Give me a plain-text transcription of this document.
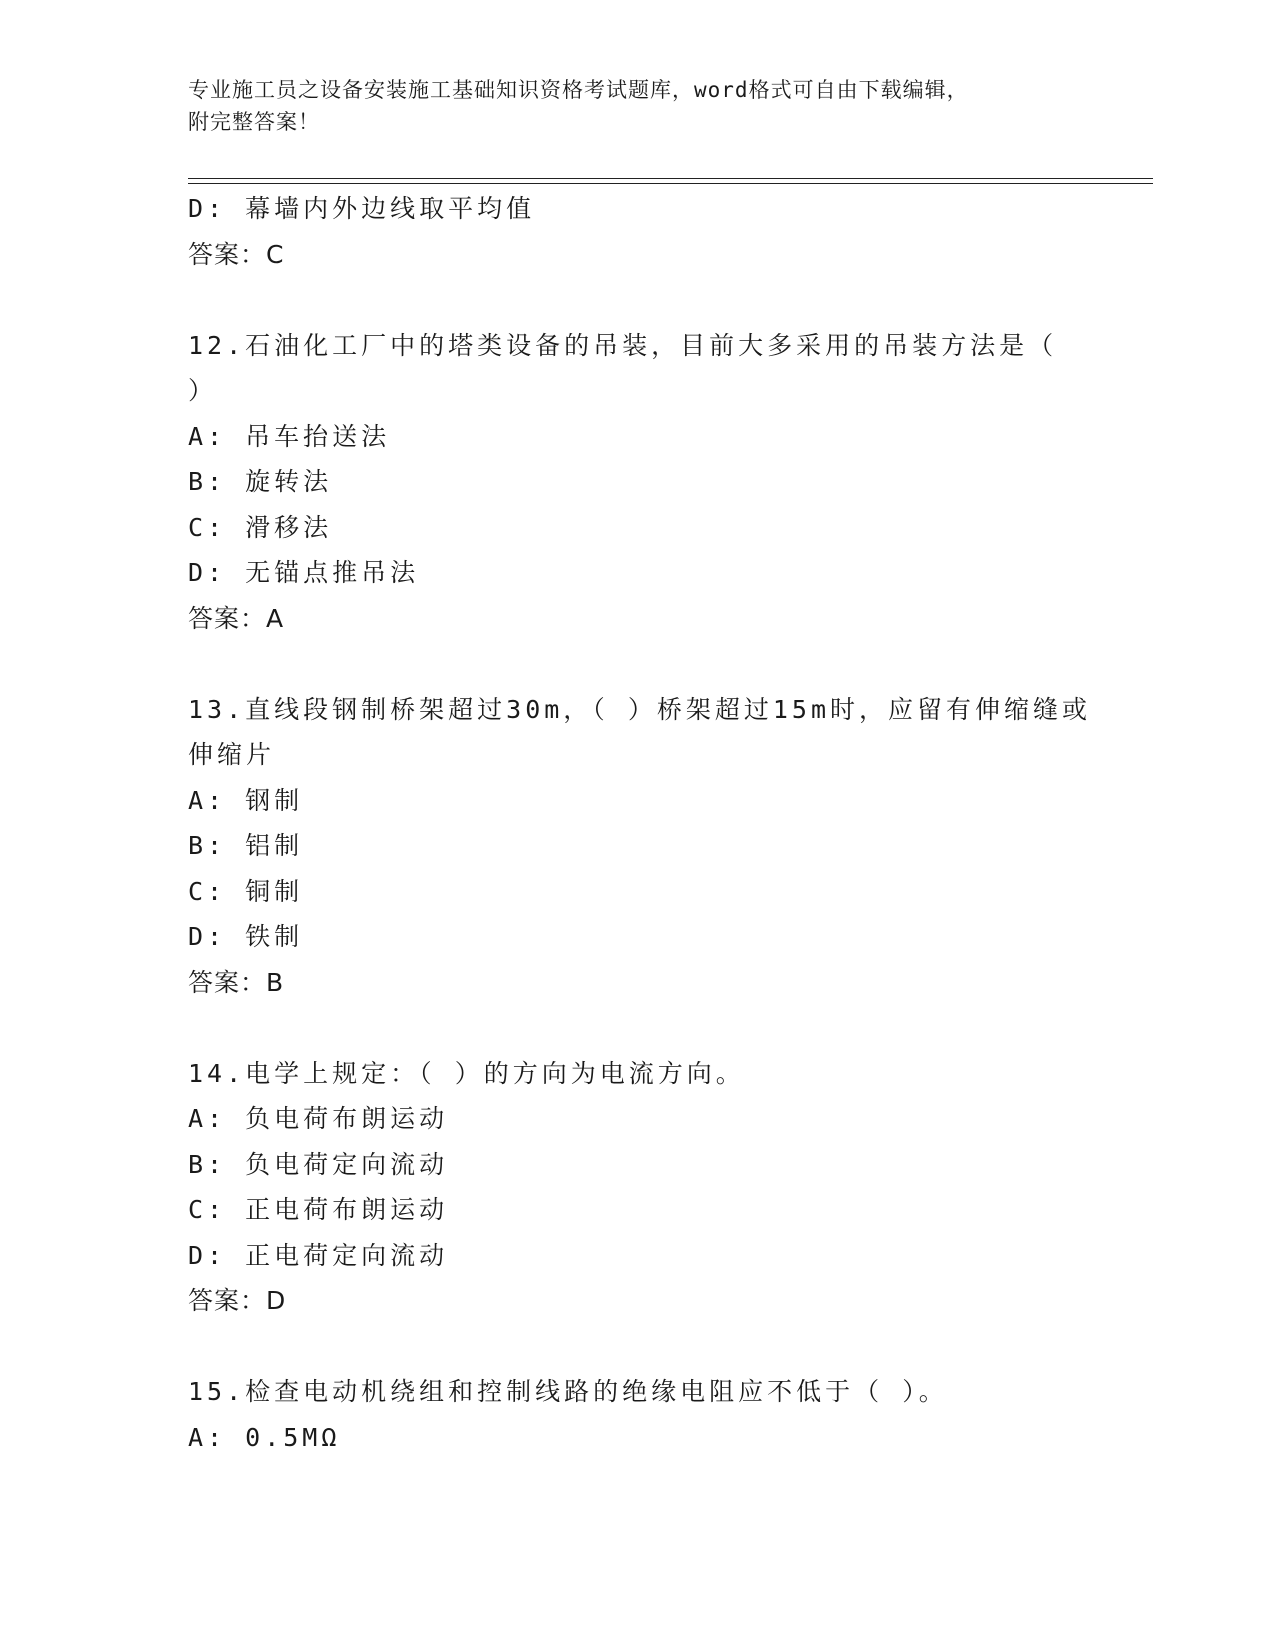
专业施工员之设备安装施工基础知识资格考试题库，word格式可自由下载编辑，
附完整答案！
D: 幕墙内外边线取平均值
答案：C
12.石油化工厂中的塔类设备的吊装，目前大多采用的吊装方法是（
）
A: 吊车抬送法
B: 旋转法
C: 滑移法
D: 无锚点推吊法
答案：A
13.直线段钢制桥架超过30m，（ ）桥架超过15m时，应留有伸缩缝或
伸缩片
A: 钢制
B: 铝制
C: 铜制
D: 铁制
答案：B
14.电学上规定：（ ）的方向为电流方向。
A: 负电荷布朗运动
B: 负电荷定向流动
C: 正电荷布朗运动
D: 正电荷定向流动
答案：D
15.检查电动机绕组和控制线路的绝缘电阻应不低于（ ）。
A: 0.5MΩ
